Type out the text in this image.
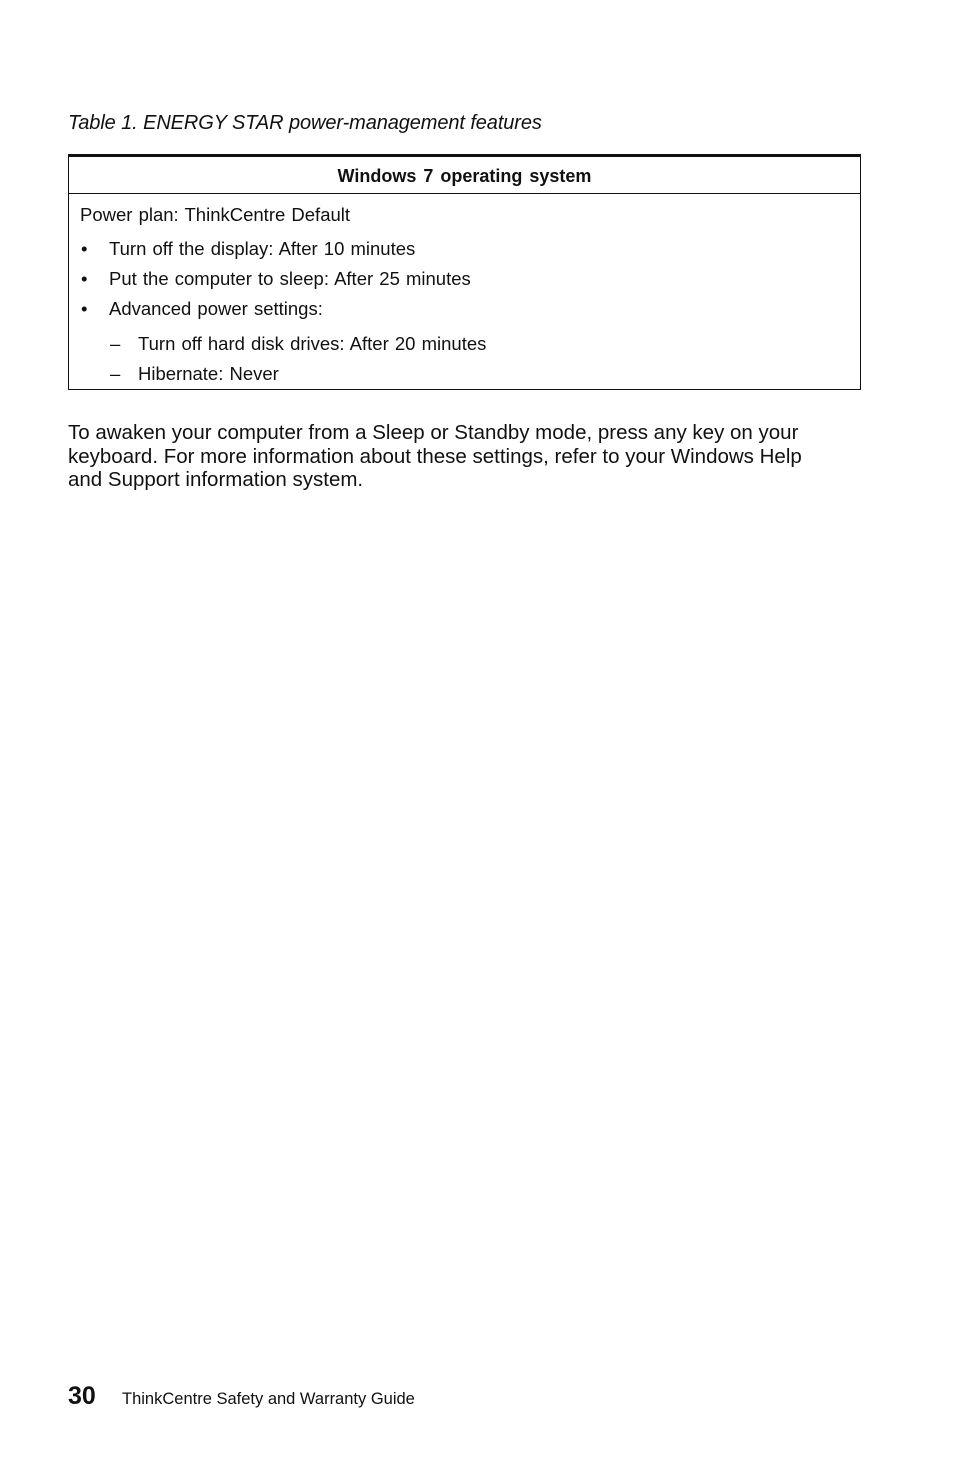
Table 1. ENERGY STAR power-management features
Windows 7 operating system
Power plan: ThinkCentre Default
• Turn off the display: After 10 minutes
• Put the computer to sleep: After 25 minutes
• Advanced power settings:
– Turn off hard disk drives: After 20 minutes
– Hibernate: Never
To awaken your computer from a Sleep or Standby mode, press any key on your
keyboard. For more information about these settings, refer to your Windows Help
and Support information system.
30 ThinkCentre Safety and Warranty Guide
